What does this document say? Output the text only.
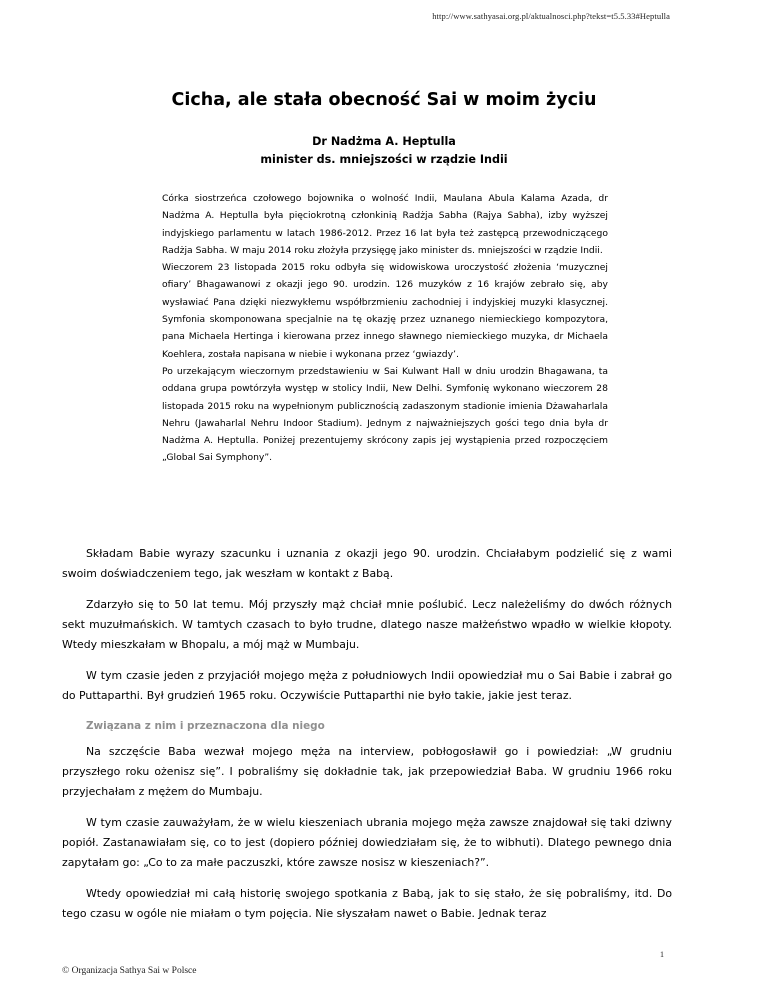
http://www.sathyasai.org.pl/aktualnosci.php?tekst=t5.5.33#Heptulla
Cicha, ale stała obecność Sai w moim życiu
Dr Nadżma A. Heptulla
minister ds. mniejszości w rządzie Indii

Córka siostrzeńca czołowego bojownika o wolność Indii, Maulana Abula Kalama Azada, dr Nadżma A. Heptulla była pięciokrotną członkinią Radżja Sabha (Rajya Sabha), izby wyższej indyjskiego parlamentu w latach 1986-2012. Przez 16 lat była też zastępcą przewodniczącego Radżja Sabha. W maju 2014 roku złożyła przysięgę jako minister ds. mniejszości w rządzie Indii.

Wieczorem 23 listopada 2015 roku odbyła się widowiskowa uroczystość złożenia ‘muzycznej ofiary’ Bhagawanowi z okazji jego 90. urodzin. 126 muzyków z 16 krajów zebrało się, aby wysławiać Pana dzięki niezwykłemu współbrzmieniu zachodniej i indyjskiej muzyki klasycznej. Symfonia skomponowana specjalnie na tę okazję przez uznanego niemieckiego kompozytora, pana Michaela Hertinga i kierowana przez innego sławnego niemieckiego muzyka, dr Michaela Koehlera, została napisana w niebie i wykonana przez ‘gwiazdy’.

Po urzekającym wieczornym przedstawieniu w Sai Kulwant Hall w dniu urodzin Bhagawana, ta oddana grupa powtórzyła występ w stolicy Indii, New Delhi. Symfonię wykonano wieczorem 28 listopada 2015 roku na wypełnionym publicznością zadaszonym stadionie imienia Dżawaharlala Nehru (Jawaharlal Nehru Indoor Stadium). Jednym z najważniejszych gości tego dnia była dr Nadżma A. Heptulla. Poniżej prezentujemy skrócony zapis jej wystąpienia przed rozpoczęciem „Global Sai Symphony”.

Składam Babie wyrazy szacunku i uznania z okazji jego 90. urodzin. Chciałabym podzielić się z wami swoim doświadczeniem tego, jak weszłam w kontakt z Babą.

Zdarzyło się to 50 lat temu. Mój przyszły mąż chciał mnie poślubić. Lecz należeliśmy do dwóch różnych sekt muzułmańskich. W tamtych czasach to było trudne, dlatego nasze małżeństwo wpadło w wielkie kłopoty. Wtedy mieszkałam w Bhopalu, a mój mąż w Mumbaju.

W tym czasie jeden z przyjaciół mojego męża z południowych Indii opowiedział mu o Sai Babie i zabrał go do Puttaparthi. Był grudzień 1965 roku. Oczywiście Puttaparthi nie było takie, jakie jest teraz.

Związana z nim i przeznaczona dla niego

Na szczęście Baba wezwał mojego męża na interview, pobłogosławił go i powiedział: „W grudniu przyszłego roku ożenisz się”. I pobraliśmy się dokładnie tak, jak przepowiedział Baba. W grudniu 1966 roku przyjechałam z mężem do Mumbaju.

W tym czasie zauważyłam, że w wielu kieszeniach ubrania mojego męża zawsze znajdował się taki dziwny popiół. Zastanawiałam się, co to jest (dopiero później dowiedziałam się, że to wibhuti). Dlatego pewnego dnia zapytałam go: „Co to za małe paczuszki, które zawsze nosisz w kieszeniach?”.

Wtedy opowiedział mi całą historię swojego spotkania z Babą, jak to się stało, że się pobraliśmy, itd. Do tego czasu w ogóle nie miałam o tym pojęcia. Nie słyszałam nawet o Babie. Jednak teraz

1
© Organizacja Sathya Sai w Polsce
